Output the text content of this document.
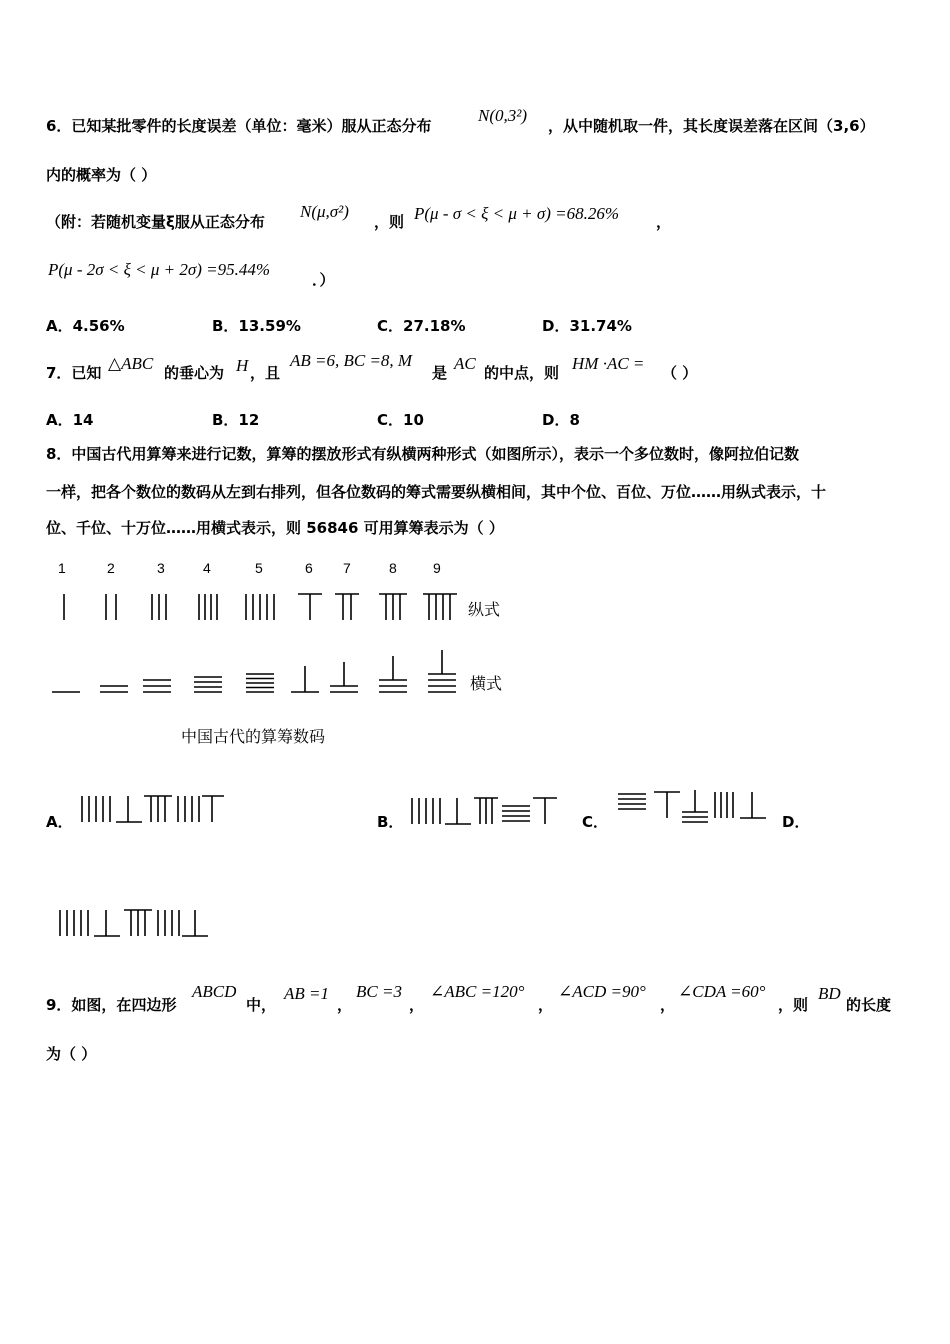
6．已知某批零件的长度误差（单位：毫米）服从正态分布
N(0,3²)
，从中随机取一件，其长度误差落在区间（3,6）
内的概率为（ ）
（附：若随机变量ξ服从正态分布
N(μ,σ²)
，则 P(μ - σ < ξ < μ + σ) =68.26% ，
P(μ - 2σ < ξ < μ + 2σ) =95.44%
．）
A．4.56%	B．13.59%	C．27.18%	D．31.74%
7．已知 △ABC 的垂心为 H ，且
AB =6, BC =8, M
是 AC 的中点，则 HM ·AC = （ ）
A．14	B．12	C．10	D．8
8．中国古代用算筹来进行记数，算筹的摆放形式有纵横两种形式（如图所示），表示一个多位数时，像阿拉伯记数
一样，把各个数位的数码从左到右排列，但各位数码的筹式需要纵横相间，其中个位、百位、万位……用纵式表示，十
位、千位、十万位……用横式表示，则 56846 可用算筹表示为（ ）
1	2	3	4	5	6 7	8	9
纵式
横式
中国古代的算筹数码
A．	B．	C．	D．
9．如图，在四边形
ABCD
中，
AB =1
，
BC =3
，
∠ABC =120°
，
∠ACD =90°
，
∠CDA =60°
，则
BD
的长度
为（ ）
